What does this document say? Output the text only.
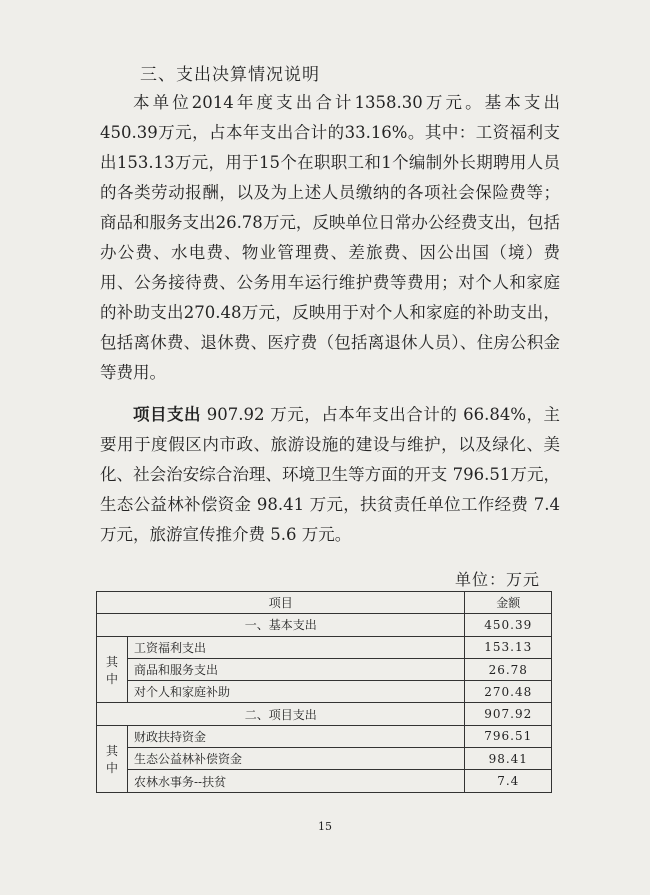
三、支出决算情况说明

本单位2014年度支出合计1358.30万元。基本支出450.39万元，占本年支出合计的33.16%。其中：工资福利支出153.13万元，用于15个在职职工和1个编制外长期聘用人员的各类劳动报酬，以及为上述人员缴纳的各项社会保险费等；商品和服务支出26.78万元，反映单位日常办公经费支出，包括办公费、水电费、物业管理费、差旅费、因公出国（境）费用、公务接待费、公务用车运行维护费等费用；对个人和家庭的补助支出270.48万元，反映用于对个人和家庭的补助支出，包括离休费、退休费、医疗费（包括离退休人员）、住房公积金等费用。

项目支出 907.92 万元，占本年支出合计的 66.84%，主要用于度假区内市政、旅游设施的建设与维护，以及绿化、美化、社会治安综合治理、环境卫生等方面的开支 796.51万元，生态公益林补偿资金 98.41 万元，扶贫责任单位工作经费 7.4 万元，旅游宣传推介费 5.6 万元。

单位：万元
项目		金额
一、基本支出		450.39
其中	工资福利支出	153.13
	商品和服务支出	26.78
	对个人和家庭补助	270.48
二、项目支出		907.92
其中	财政扶持资金	796.51
	生态公益林补偿资金	98.41
	农林水事务--扶贫	7.4
15
